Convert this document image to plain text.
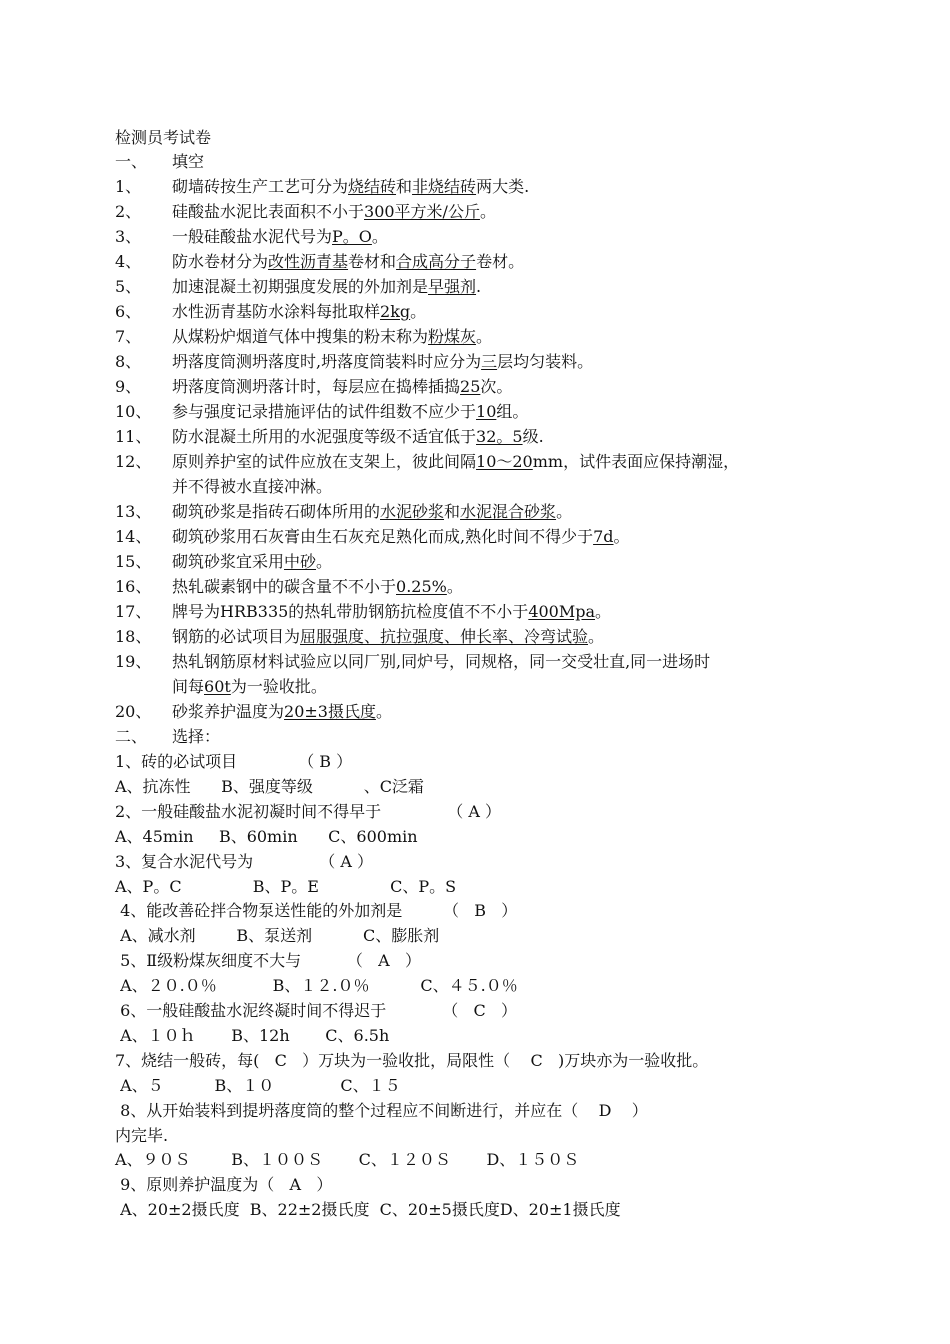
检测员考试卷
一、 填空
1、 砌墙砖按生产工艺可分为烧结砖和非烧结砖两大类.
2、 硅酸盐水泥比表面积不小于300平方米/公斤。
3、 一般硅酸盐水泥代号为P。O。
4、 防水卷材分为改性沥青基卷材和合成高分子卷材。
5、 加速混凝土初期强度发展的外加剂是早强剂.
6、 水性沥青基防水涂料每批取样2kg。
7、 从煤粉炉烟道气体中搜集的粉末称为粉煤灰。
8、 坍落度筒测坍落度时,坍落度筒装料时应分为三层均匀装料。
9、 坍落度筒测坍落计时，每层应在捣棒插捣25次。
10、 参与强度记录措施评估的试件组数不应少于10组。
11、 防水混凝土所用的水泥强度等级不适宜低于32。5级.
12、 原则养护室的试件应放在支架上，彼此间隔10～20mm，试件表面应保持潮湿，
并不得被水直接冲淋。
13、 砌筑砂浆是指砖石砌体所用的水泥砂浆和水泥混合砂浆。
14、 砌筑砂浆用石灰膏由生石灰充足熟化而成,熟化时间不得少于7d。
15、 砌筑砂浆宜采用中砂。
16、 热轧碳素钢中的碳含量不不小于0.25%。
17、 牌号为HRB335的热轧带肋钢筋抗检度值不不小于400Mpa。
18、 钢筋的必试项目为屈服强度、抗拉强度、伸长率、冷弯试验。
19、 热轧钢筋原材料试验应以同厂别,同炉号，同规格，同一交受壮直,同一进场时
间每60t为一验收批。
20、 砂浆养护温度为20±3摄氏度。
二、 选择：
1、砖的必试项目            （ B ）
A、抗冻性      B、强度等级          、C泛霜
2、一般硅酸盐水泥初凝时间不得早于             （ A ）
A、45min     B、60min      C、600min
3、复合水泥代号为             （ A ）
A、P。C              B、P。E              C、P。S
4、能改善砼拌合物泵送性能的外加剂是        （   B   ）
A、减水剂        B、泵送剂          C、膨胀剂
5、Ⅱ级粉煤灰细度不大与         （   A   ）
A、２０.０％           B、１２.０％          C、４５.０％
6、一般硅酸盐水泥终凝时间不得迟于           （   C   ）
A、１０ｈ       B、12h       C、6.5h
7、烧结一般砖，每(   C   ）万块为一验收批，局限性（    C   )万块亦为一验收批。
A、５          B、１０             C、１５
8、从开始装料到提坍落度筒的整个过程应不间断进行，并应在（    D    ）
内完毕.
A、９０Ｓ        B、１００Ｓ       C、１２０Ｓ       D、１５０Ｓ
9、原则养护温度为（   A   ）
A、20±2摄氏度  B、22±2摄氏度  C、20±5摄氏度D、20±1摄氏度
